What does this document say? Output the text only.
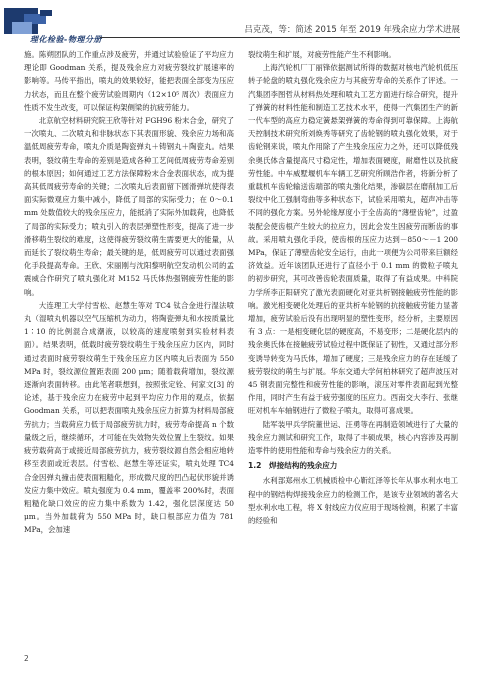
理化检验-物理分册
吕克茂，等：简述 2015 年至 2019 年残余应力学术进展

施。陈朔团队的工作重点涉及疲劳，并通过试验验证了平均应力理论即 Goodman 关系，提及残余应力对疲劳裂纹扩展速率的影响等。马传平指出，喷丸的效果较好，能把表面全部变为压应力状态，而且在整个疲劳试验周期内（12×10⁵ 周次）表面应力性质不发生改变，可以保证构架侧梁的抗疲劳能力。

北京航空材料研究院王欣等针对 FGH96 粉末合金，研究了一次喷丸、二次喷丸和非脉状态下其表面形貌、残余应力场和高温低周疲劳寿命，喷丸介质是陶瓷弹丸＋铸钢丸＋陶瓷丸。结果表明，裂纹萌生寿命的差别是造成各种工艺间低周疲劳寿命差别的根本原因；如何通过工艺方法保障粉末合金表面状态，成为提高其低周疲劳寿命的关键；二次喷丸后表面留下圆滑弹坑使得表面实际微观应力集中减小，降低了局部的实际受力；在 0～0.1 mm 处数值较大的残余压应力，能抵消了实际外加载荷，也降低了局部的实际受力；喷丸引入的表层弹塑性形变，提高了进一步滑移萌生裂纹的难度，这使得疲劳裂纹萌生需要更大的能量，从而延长了裂纹萌生寿命；最关键的是，低周疲劳可以通过表面强化手段提高寿命。王欣、宋丽刚与沈阳黎明航空发动机公司的孟震威合作研究了喷丸强化对 M152 马氏体热强钢疲劳性能的影响。

大连理工大学付雪松、赵慧生等对 TC4 钛合金进行湿法喷丸（湿喷丸机器以空气压缩机为动力，将陶瓷弹丸和水按质量比 1∶10 的比例混合成潮液，以较高的速度喷射到实验材料表面）。结果表明，低载时疲劳裂纹萌生于残余压应力区内，同时通过表面时疲劳裂纹萌生于残余压应力区内喷丸后表面为 550 MPa 时，裂纹源位置距表面 200 μm；随着载荷增加，裂纹源逐渐向表面转移。由此笔者联想到，按照张定铨、何家文[3] 的论述，基于残余应力在疲劳中起到平均应力作用的观点，依据 Goodman 关系，可以把表面喷丸残余压应力折算为材料局部疲劳抗力；当载荷应力低于局部疲劳抗力时，疲劳寿命提高 n 个数量级之后，继续循环，才可能在失效物失效位置上生裂纹。如果疲劳载荷高于或接近局部疲劳抗力，疲劳裂纹源自然会相应地转移至表面或近表层。付雪松、赵慧生等还证实，喷丸处理 TC4 合金因弹丸撞击使表面粗糙化，形成微尺度的凹凸起伏形貌并诱发应力集中效应。喷丸强度为 0.4 mm，覆盖率 200%时，表面粗糙化缺口效应的应力集中系数为 1.42，强化层深度达 50 μm。当外加载荷为 550 MPa 时，缺口根部应力值为 781 MPa，会加速

裂纹萌生和扩展，对疲劳性能产生不利影响。

上海汽轮机厂丁丽锋依据测试所得的数据对核电汽轮机低压转子轮盘的喷丸强化残余应力与其疲劳寿命的关系作了评述。一汽集团李图哲从材料热处理和喷丸工艺方面进行综合研究，提升了弹簧的材料性能和制造工艺技术水平，使得一汽集团生产的新一代车型的高应力稳定簧悬架弹簧的寿命得到可靠保障。上海航天控制技术研究所刘焕秀等研究了齿轮钢的喷丸强化效果，对于齿轮钢来说，喷丸作用除了产生残余压应力之外，还可以降低残余奥氏体含量提高尺寸稳定性，增加表面硬度，耐磨性以及抗疲劳性能。中车威墅堰机车车辆工艺研究所顾浩作者，将新分析了重载机车齿轮输送齿端部的喷丸強化结果，渗碳层在磨削加工后裂纹中化工强制弯曲等多种状态下，试验采用喷丸，超声冲击等不同的强化方案。另外轮缘厚度小于全齿高的“薄壁齿轮”，过盈装配会使齿根产生较大的拉应力，因此会发生因疲劳而断齿的事故。采用喷丸强化手段，使齿根的压应力达到－850～－1 200 MPa，保证了薄壁齿轮安全运行，由此一项便为公司带来巨额经济效益。近年该团队还进行了直径小于 0.1 mm 的微粒子喷丸的初步研究，其可改善齿轮表面质量，取得了有益成果。中科院力学所李正阳研究了激光表面硬化对亚共析钢接触疲劳性能的影响。激光相变硬化处理后的亚共析车轮钢的抗接触疲劳能力显著增加，疲劳试验后没有出现明显的塑性变形，经分析，主要原因有 3 点：一是相变硬化层的硬度高，不易变形；二是硬化层内的残余奥氏体在接触疲劳试验过程中既保证了韧性，又通过部分形变诱导转变为马氏体，增加了硬度；三是残余应力的存在延缓了疲劳裂纹的萌生与扩展。华东交通大学何柏林研究了超声波压对 45 钢表面完整性和疲劳性能的影响，滚压对零件表面起到光整作用，同时产生有益于疲劳强度的压应力。西南交大李行、张继旺对机车车轴钢进行了微粒子喷丸，取得可喜成果。

陆军装甲兵学院董世运、汪勇等在再制造领域进行了大量的残余应力测试和研究工作，取得了丰硕成果，核心内容涉及再制造零件的使用性能和寿命与残余应力的关系。

1.2　焊接结构的残余应力

水利部郑州水工机械质检中心靳红泽等长年从事水利水电工程中的钢结构焊接残余应力的检测工作，是该专业领域的著名大型水利水电工程，将 X 射线应力仪应用于现场检测，积累了丰富的经验和

2
